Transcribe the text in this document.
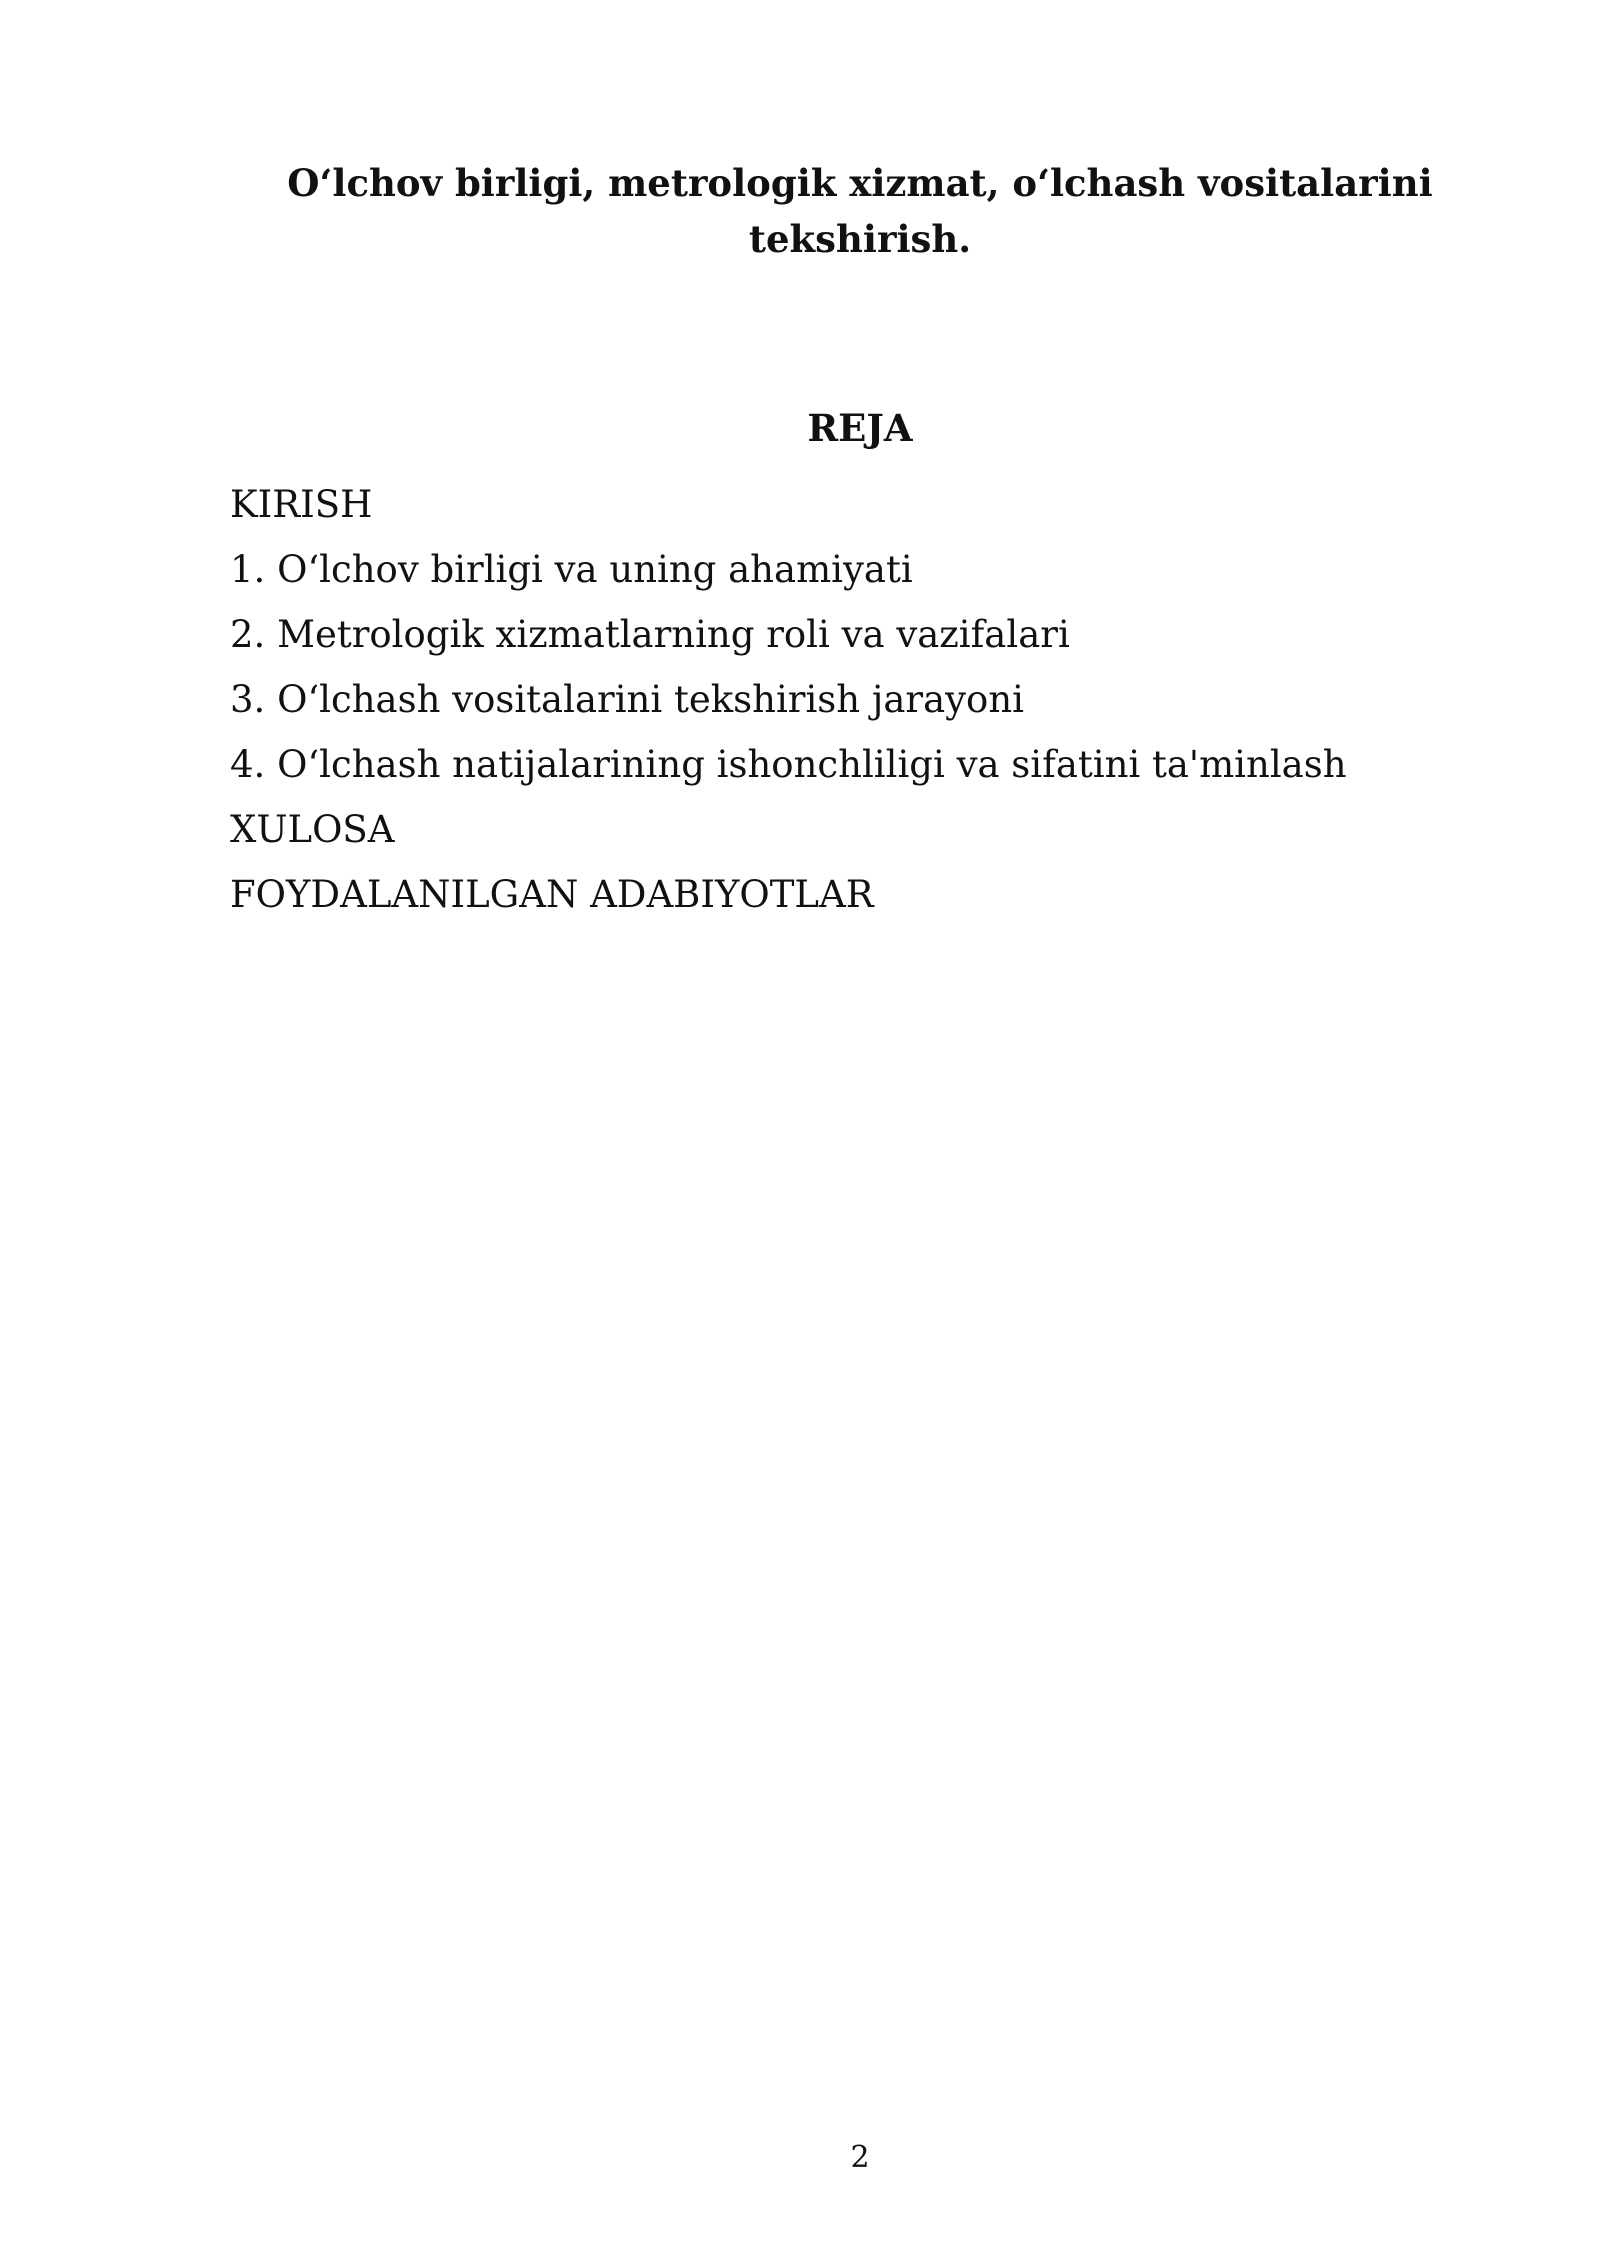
O‘lchov birligi, metrologik xizmat, o‘lchash vositalarini tekshirish.
REJA
KIRISH
1. O‘lchov birligi va uning ahamiyati
2. Metrologik xizmatlarning roli va vazifalari
3. O‘lchash vositalarini tekshirish jarayoni
4. O‘lchash natijalarining ishonchliligi va sifatini ta'minlash
XULOSA
FOYDALANILGAN ADABIYOTLAR
2
